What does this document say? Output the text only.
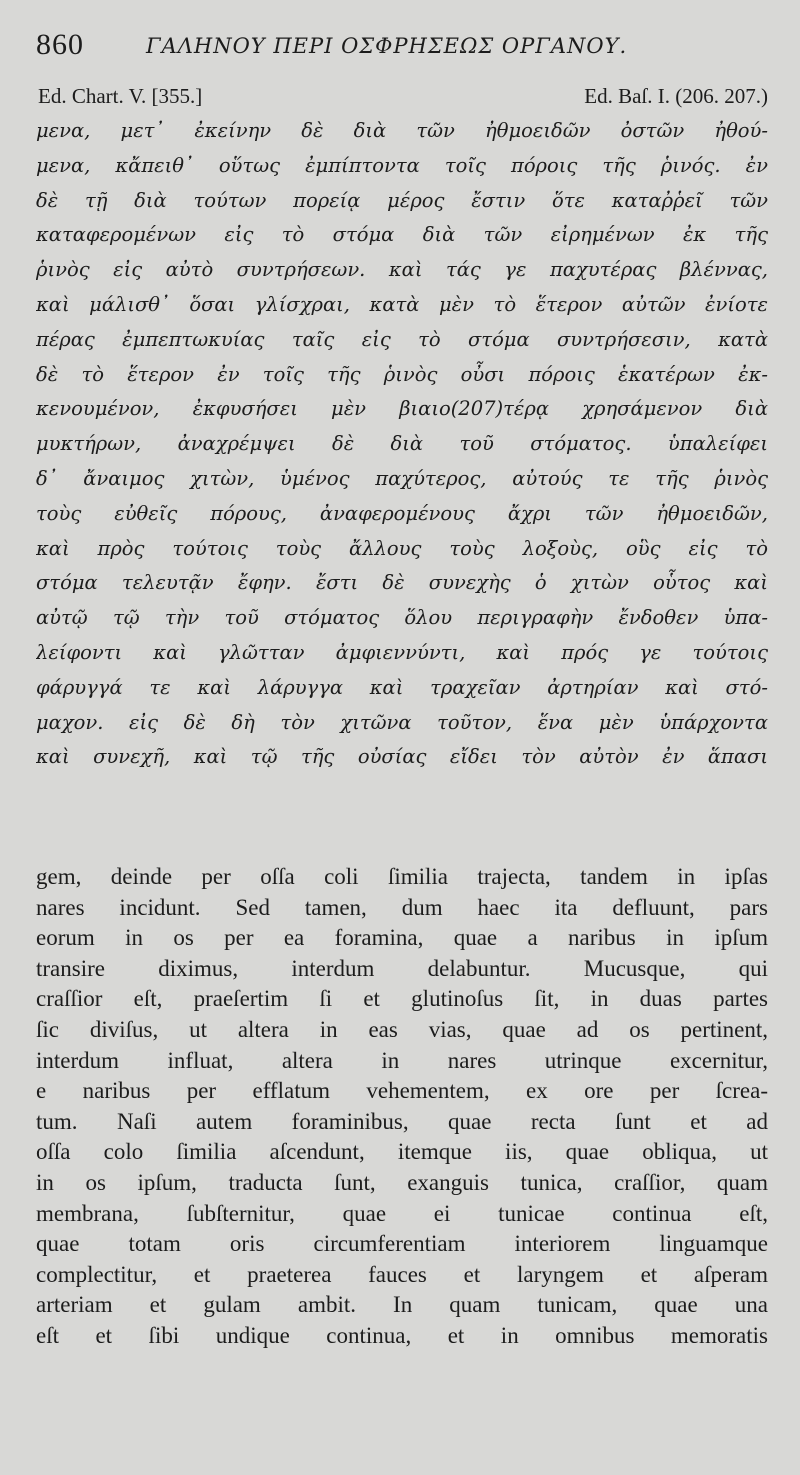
860	ΓΑΛΗΝΟΥ ΠΕΡΙ ΟΣΦΡΗΣΕΩΣ ΟΡΓΑΝΟΥ.
Ed. Chart. V. [355.]	Ed. Baſ. I. (206. 207.)
μενα, μετ᾽ ἐκείνην δὲ διὰ τῶν ἠθμοειδῶν ὀστῶν ἠθού-
μενα, κἄπειθ᾽ οὕτως ἐμπίπτοντα τοῖς πόροις τῆς ῥινός. ἐν
δὲ τῇ διὰ τούτων πορείᾳ μέρος ἔστιν ὅτε καταῤῥεῖ τῶν
καταφερομένων εἰς τὸ στόμα διὰ τῶν εἰρημένων ἐκ τῆς
ῥινὸς εἰς αὐτὸ συντρήσεων. καὶ τάς γε παχυτέρας βλέννας,
καὶ μάλισθ᾽ ὅσαι γλίσχραι, κατὰ μὲν τὸ ἕτερον αὐτῶν ἐνίοτε
πέρας ἐμπεπτωκυίας ταῖς εἰς τὸ στόμα συντρήσεσιν, κατὰ
δὲ τὸ ἕτερον ἐν τοῖς τῆς ῥινὸς οὖσι πόροις ἑκατέρων ἐκ-
κενουμένον, ἐκφυσήσει μὲν βιαιο(207)τέρᾳ χρησάμενον διὰ
μυκτήρων, ἀναχρέμψει δὲ διὰ τοῦ στόματος. ὑπαλείφει
δ᾽ ἄναιμος χιτὼν, ὑμένος παχύτερος, αὐτούς τε τῆς ῥινὸς
τοὺς εὐθεῖς πόρους, ἀναφερομένους ἄχρι τῶν ἠθμοειδῶν,
καὶ πρὸς τούτοις τοὺς ἄλλους τοὺς λοξοὺς, οὓς εἰς τὸ
στόμα τελευτᾷν ἔφην. ἔστι δὲ συνεχὴς ὁ χιτὼν οὗτος καὶ
αὐτῷ τῷ τὴν τοῦ στόματος ὅλου περιγραφὴν ἔνδοθεν ὑπα-
λείφοντι καὶ γλῶτταν ἀμφιεννύντι, καὶ πρός γε τούτοις
φάρυγγά τε καὶ λάρυγγα καὶ τραχεῖαν ἀρτηρίαν καὶ στό-
μαχον. εἰς δὲ δὴ τὸν χιτῶνα τοῦτον, ἕνα μὲν ὑπάρχοντα
καὶ συνεχῆ, καὶ τῷ τῆς οὐσίας εἴδει τὸν αὐτὸν ἐν ἅπασι
gem, deinde per oſſa coli ſimilia trajecta, tandem in ipſas
nares incidunt. Sed tamen, dum haec ita defluunt, pars
eorum in os per ea foramina, quae a naribus in ipſum
transire diximus, interdum delabuntur. Mucusque, qui
craſſior eſt, praeſertim ſi et glutinoſus ſit, in duas partes
ſic diviſus, ut altera in eas vias, quae ad os pertinent,
interdum influat, altera in nares utrinque excernitur,
e naribus per efflatum vehementem, ex ore per ſcrea-
tum. Naſi autem foraminibus, quae recta ſunt et ad
oſſa colo ſimilia aſcendunt, itemque iis, quae obliqua, ut
in os ipſum, traducta ſunt, exanguis tunica, craſſior, quam
membrana, ſubſternitur, quae ei tunicae continua eſt,
quae totam oris circumferentiam interiorem linguamque
complectitur, et praeterea fauces et laryngem et aſperam
arteriam et gulam ambit. In quam tunicam, quae una
eſt et ſibi undique continua, et in omnibus memoratis
